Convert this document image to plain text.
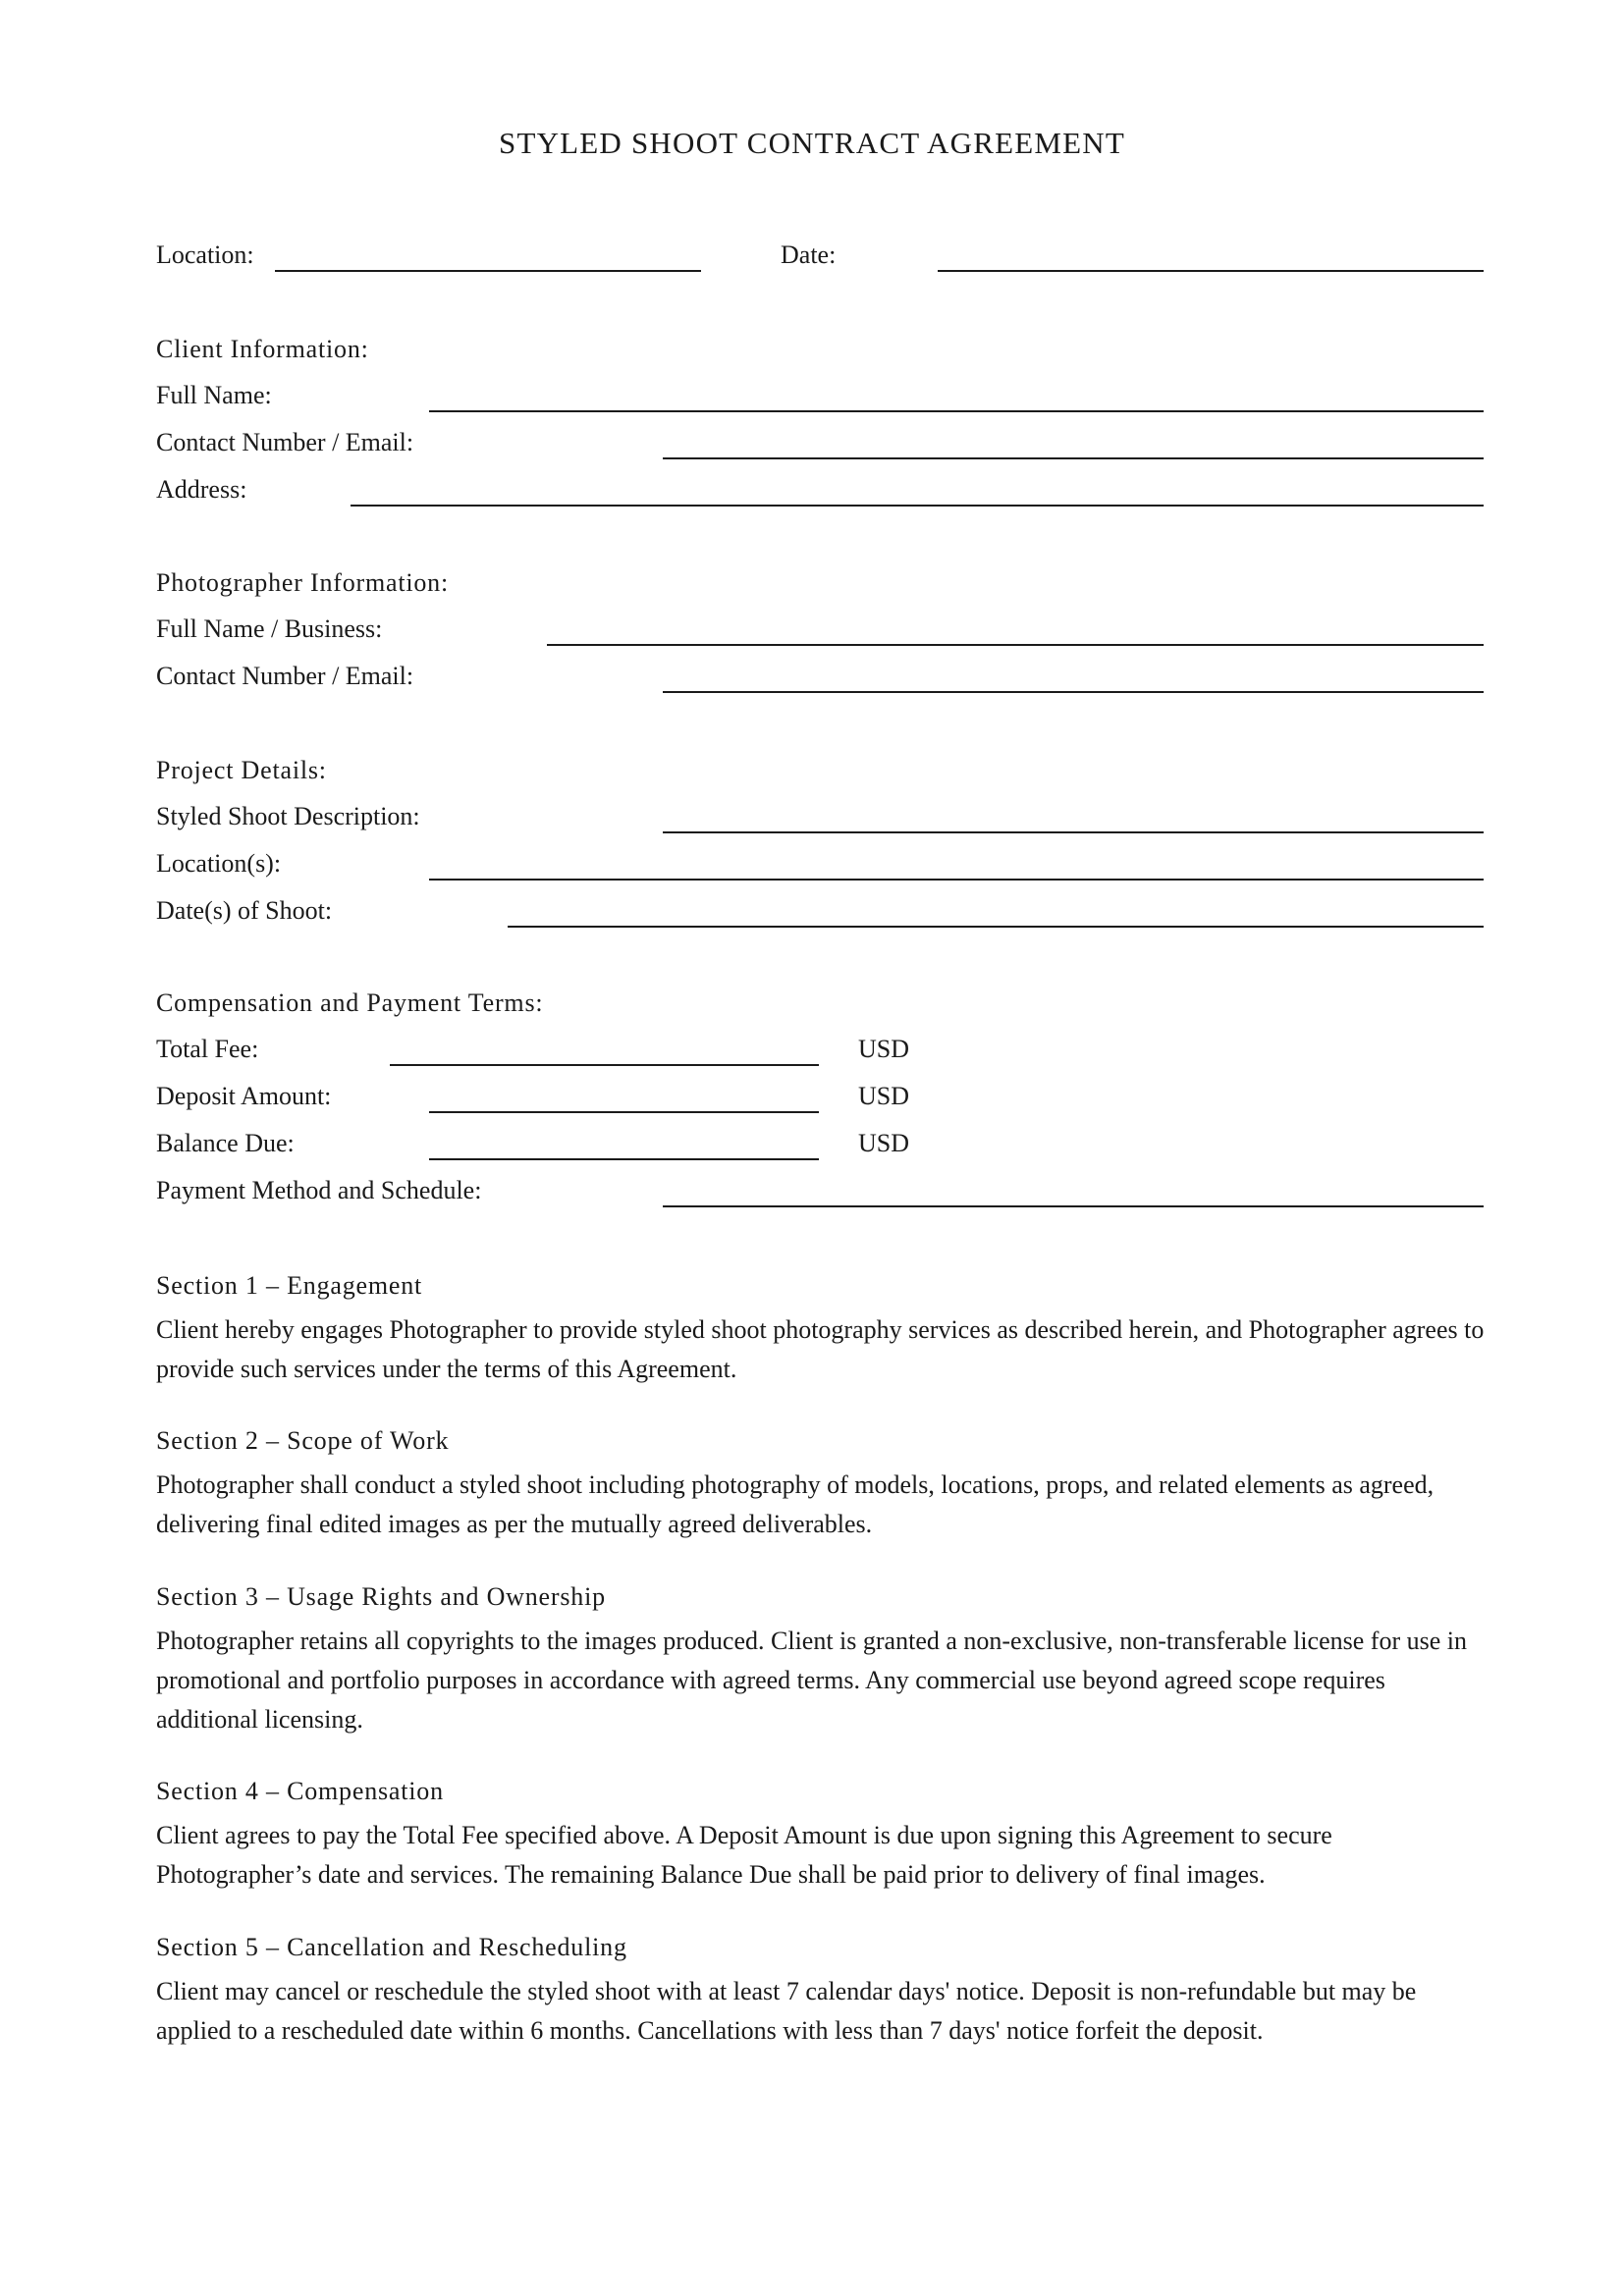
STYLED SHOOT CONTRACT AGREEMENT
Location:	Date:
Client Information:
Full Name:
Contact Number / Email:
Address:
Photographer Information:
Full Name / Business:
Contact Number / Email:
Project Details:
Styled Shoot Description:
Location(s):
Date(s) of Shoot:
Compensation and Payment Terms:
Total Fee:	USD
Deposit Amount:	USD
Balance Due:	USD
Payment Method and Schedule:
Section 1 – Engagement

Client hereby engages Photographer to provide styled shoot photography services as described herein, and Photographer agrees to provide such services under the terms of this Agreement.

Section 2 – Scope of Work

Photographer shall conduct a styled shoot including photography of models, locations, props, and related elements as agreed, delivering final edited images as per the mutually agreed deliverables.

Section 3 – Usage Rights and Ownership

Photographer retains all copyrights to the images produced. Client is granted a non-exclusive, non-transferable license for use in promotional and portfolio purposes in accordance with agreed terms. Any commercial use beyond agreed scope requires additional licensing.

Section 4 – Compensation

Client agrees to pay the Total Fee specified above. A Deposit Amount is due upon signing this Agreement to secure Photographer’s date and services. The remaining Balance Due shall be paid prior to delivery of final images.

Section 5 – Cancellation and Rescheduling

Client may cancel or reschedule the styled shoot with at least 7 calendar days' notice. Deposit is non-refundable but may be applied to a rescheduled date within 6 months. Cancellations with less than 7 days' notice forfeit the deposit.
